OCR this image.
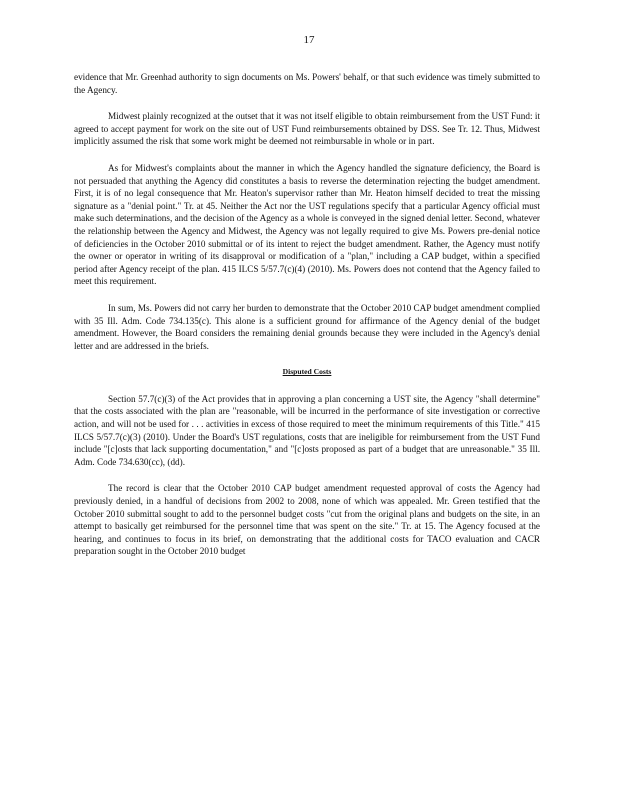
17

evidence that Mr. Greenhad authority to sign documents on Ms. Powers' behalf, or that such evidence was timely submitted to the Agency.

Midwest plainly recognized at the outset that it was not itself eligible to obtain reimbursement from the UST Fund: it agreed to accept payment for work on the site out of UST Fund reimbursements obtained by DSS. See Tr. 12. Thus, Midwest implicitly assumed the risk that some work might be deemed not reimbursable in whole or in part.

As for Midwest's complaints about the manner in which the Agency handled the signature deficiency, the Board is not persuaded that anything the Agency did constitutes a basis to reverse the determination rejecting the budget amendment. First, it is of no legal consequence that Mr. Heaton's supervisor rather than Mr. Heaton himself decided to treat the missing signature as a "denial point." Tr. at 45. Neither the Act nor the UST regulations specify that a particular Agency official must make such determinations, and the decision of the Agency as a whole is conveyed in the signed denial letter. Second, whatever the relationship between the Agency and Midwest, the Agency was not legally required to give Ms. Powers pre-denial notice of deficiencies in the October 2010 submittal or of its intent to reject the budget amendment. Rather, the Agency must notify the owner or operator in writing of its disapproval or modification of a "plan," including a CAP budget, within a specified period after Agency receipt of the plan. 415 ILCS 5/57.7(c)(4) (2010). Ms. Powers does not contend that the Agency failed to meet this requirement.

In sum, Ms. Powers did not carry her burden to demonstrate that the October 2010 CAP budget amendment complied with 35 Ill. Adm. Code 734.135(c). This alone is a sufficient ground for affirmance of the Agency denial of the budget amendment. However, the Board considers the remaining denial grounds because they were included in the Agency's denial letter and are addressed in the briefs.

Disputed Costs

Section 57.7(c)(3) of the Act provides that in approving a plan concerning a UST site, the Agency "shall determine" that the costs associated with the plan are "reasonable, will be incurred in the performance of site investigation or corrective action, and will not be used for . . . activities in excess of those required to meet the minimum requirements of this Title." 415 ILCS 5/57.7(c)(3) (2010). Under the Board's UST regulations, costs that are ineligible for reimbursement from the UST Fund include "[c]osts that lack supporting documentation," and "[c]osts proposed as part of a budget that are unreasonable." 35 Ill. Adm. Code 734.630(cc), (dd).

The record is clear that the October 2010 CAP budget amendment requested approval of costs the Agency had previously denied, in a handful of decisions from 2002 to 2008, none of which was appealed. Mr. Green testified that the October 2010 submittal sought to add to the personnel budget costs "cut from the original plans and budgets on the site, in an attempt to basically get reimbursed for the personnel time that was spent on the site." Tr. at 15. The Agency focused at the hearing, and continues to focus in its brief, on demonstrating that the additional costs for TACO evaluation and CACR preparation sought in the October 2010 budget
